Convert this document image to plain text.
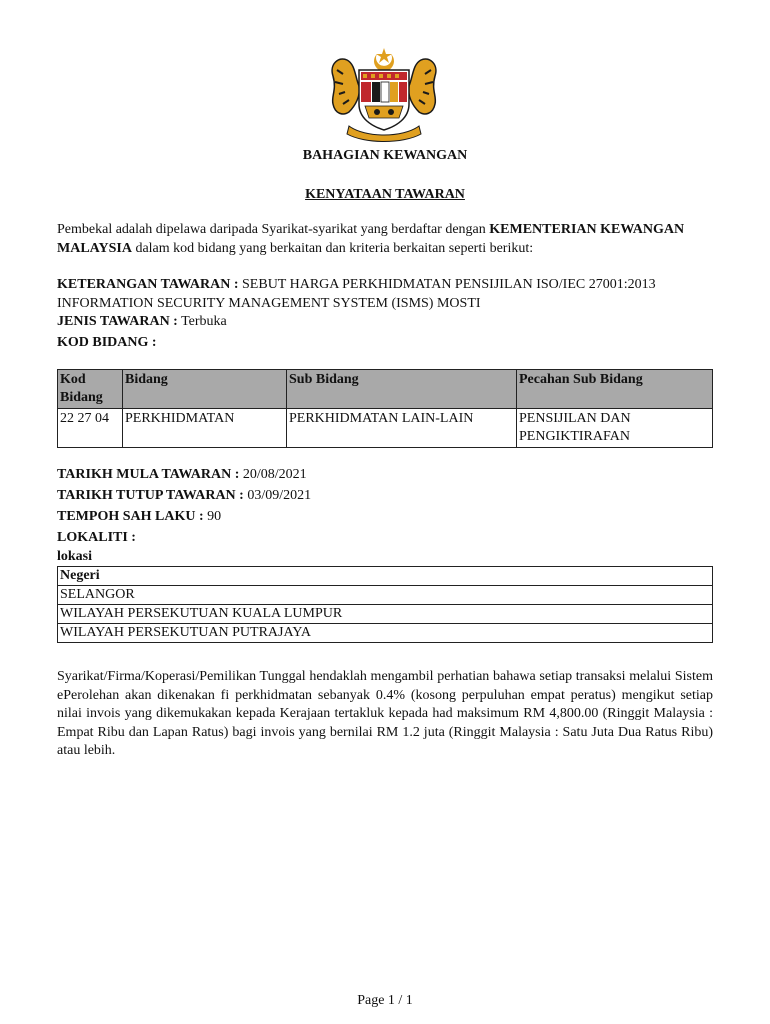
BAHAGIAN KEWANGAN
KENYATAAN TAWARAN
Pembekal adalah dipelawa daripada Syarikat-syarikat yang berdaftar dengan KEMENTERIAN KEWANGAN MALAYSIA dalam kod bidang yang berkaitan dan kriteria berkaitan seperti berikut:
KETERANGAN TAWARAN : SEBUT HARGA PERKHIDMATAN PENSIJILAN ISO/IEC 27001:2013 INFORMATION SECURITY MANAGEMENT SYSTEM (ISMS) MOSTI
JENIS TAWARAN : Terbuka
KOD BIDANG :
Kod Bidang	Bidang	Sub Bidang	Pecahan Sub Bidang
22 27 04	PERKHIDMATAN	PERKHIDMATAN LAIN-LAIN	PENSIJILAN DAN PENGIKTIRAFAN
TARIKH MULA TAWARAN : 20/08/2021
TARIKH TUTUP TAWARAN : 03/09/2021
TEMPOH SAH LAKU : 90
LOKALITI :
lokasi
Negeri
SELANGOR
WILAYAH PERSEKUTUAN KUALA LUMPUR
WILAYAH PERSEKUTUAN PUTRAJAYA
Syarikat/Firma/Koperasi/Pemilikan Tunggal hendaklah mengambil perhatian bahawa setiap transaksi melalui Sistem ePerolehan akan dikenakan fi perkhidmatan sebanyak 0.4% (kosong perpuluhan empat peratus) mengikut setiap nilai invois yang dikemukakan kepada Kerajaan tertakluk kepada had maksimum RM 4,800.00 (Ringgit Malaysia : Empat Ribu dan Lapan Ratus) bagi invois yang bernilai RM 1.2 juta (Ringgit Malaysia : Satu Juta Dua Ratus Ribu) atau lebih.
Page 1 / 1
